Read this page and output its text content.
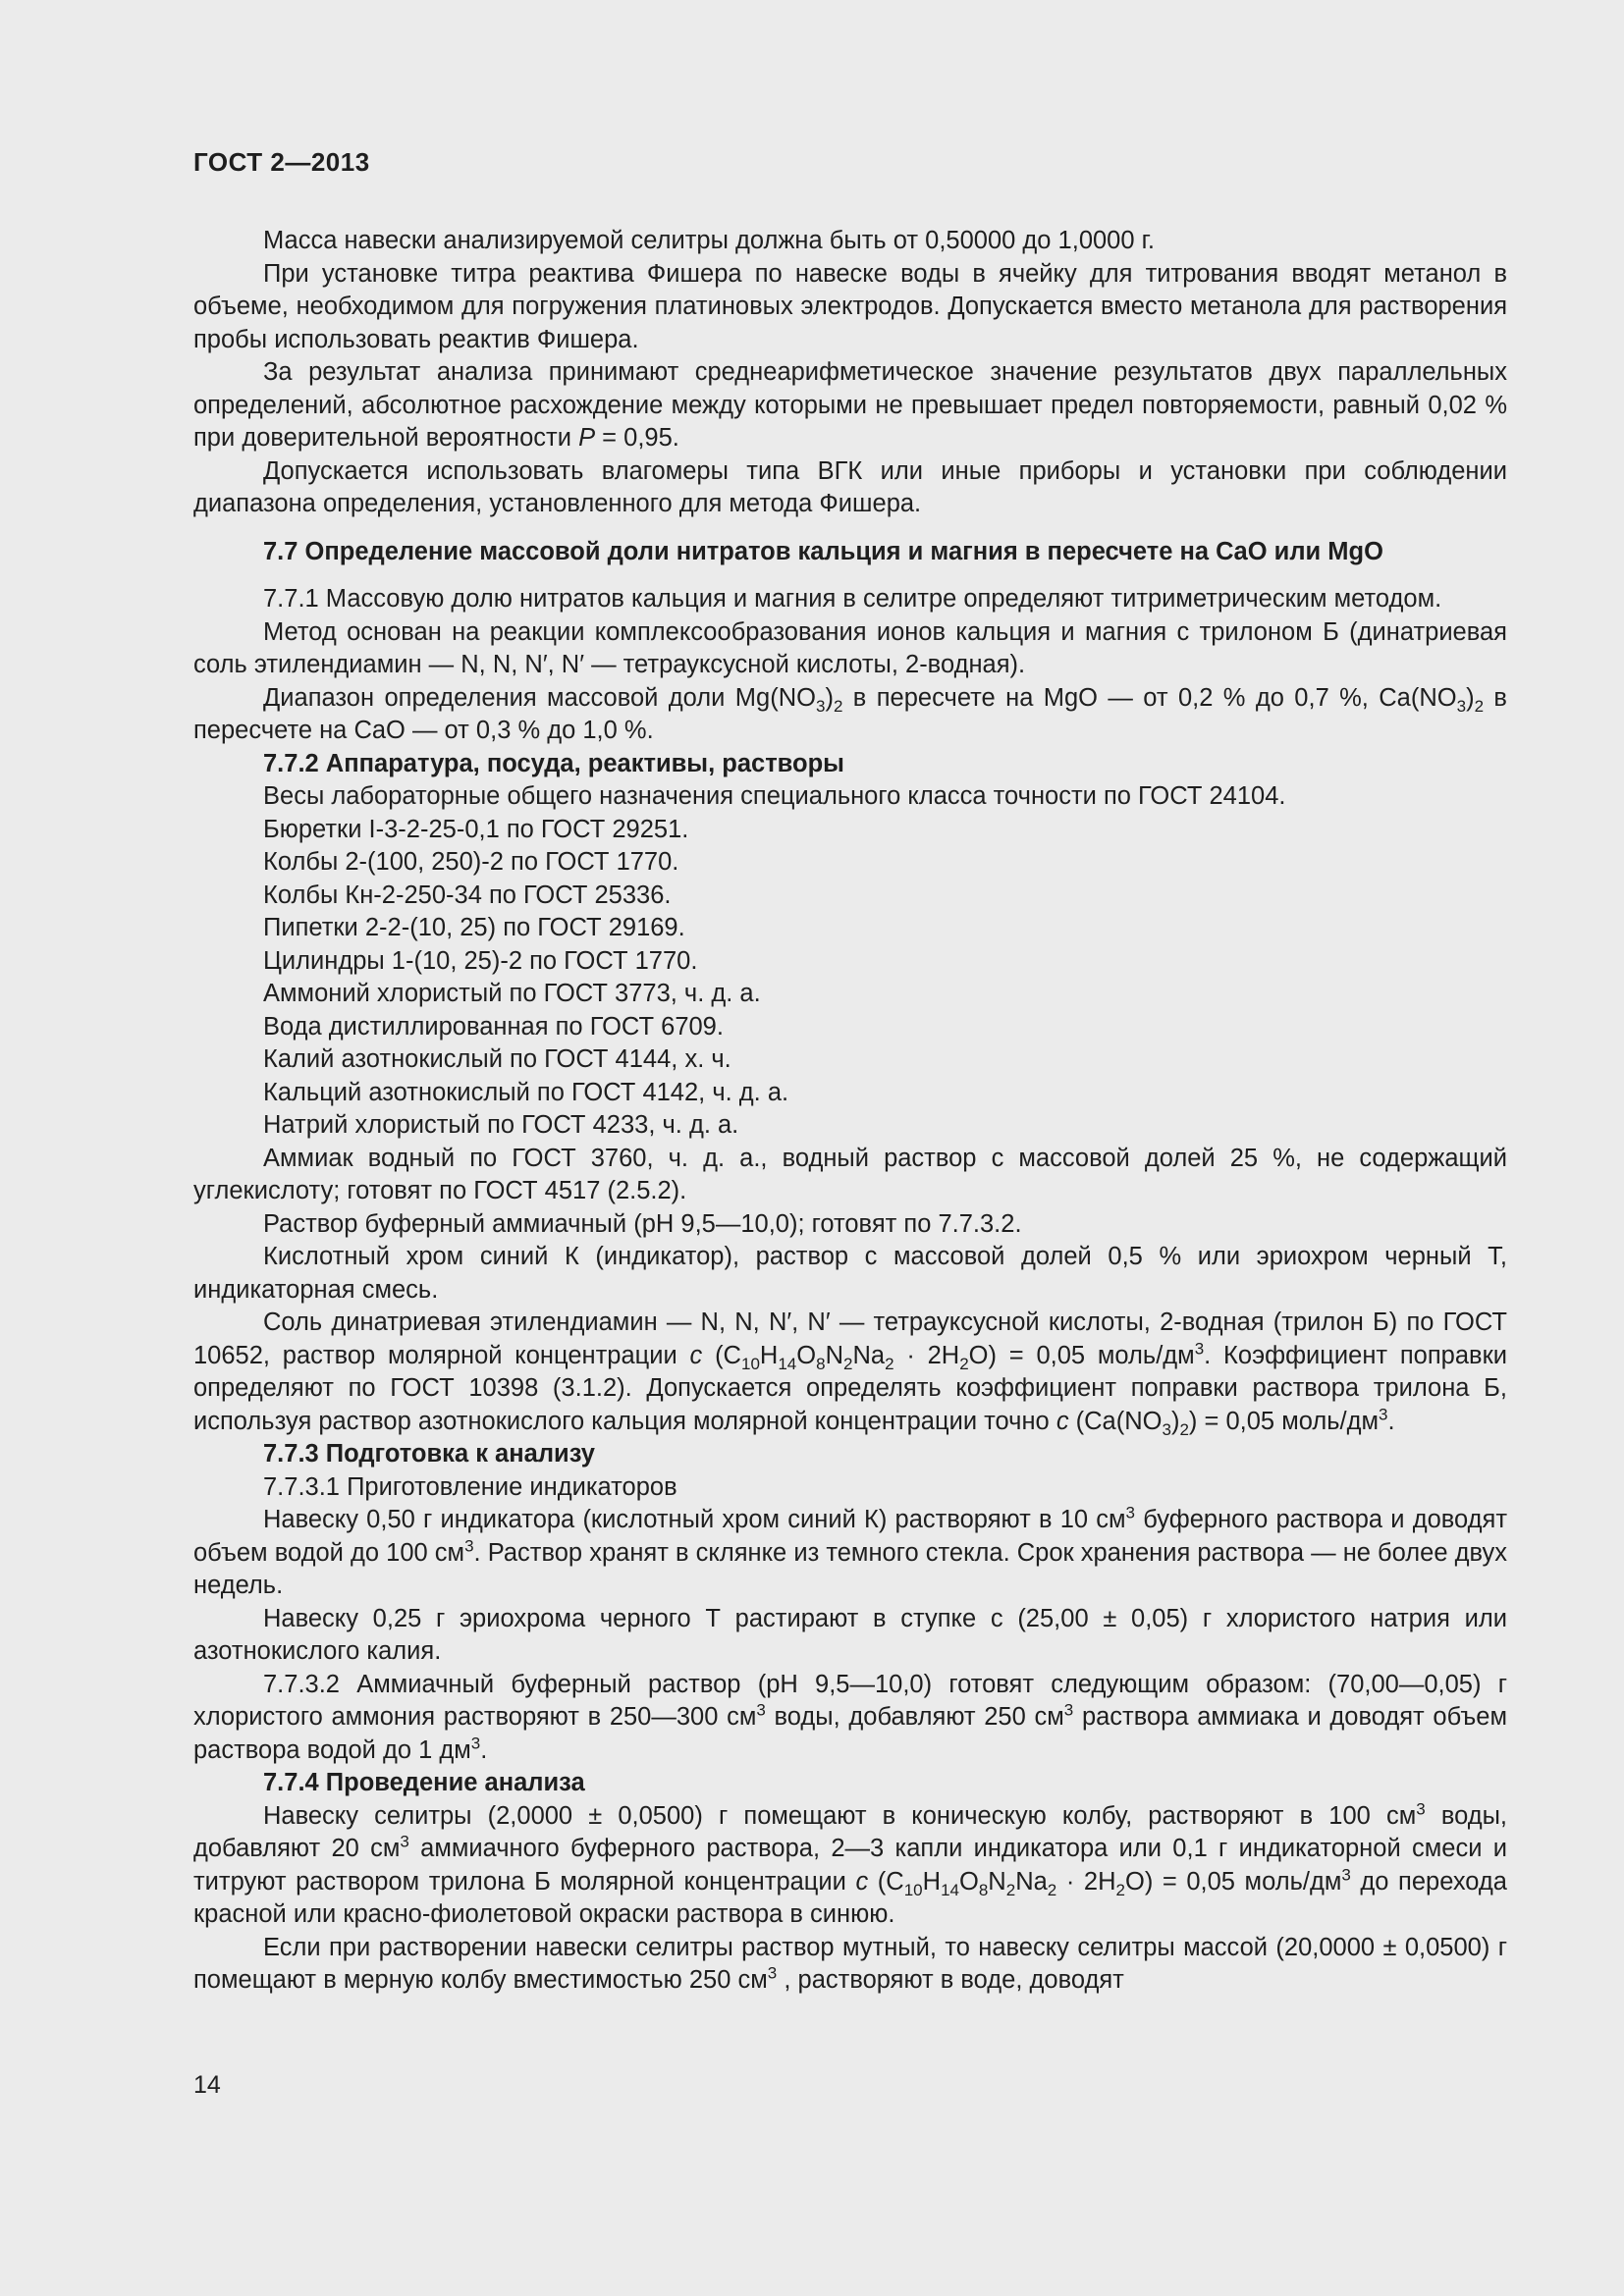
ГОСТ 2—2013

Масса навески анализируемой селитры должна быть от 0,50000 до 1,0000 г.

При установке титра реактива Фишера по навеске воды в ячейку для титрования вводят метанол в объеме, необходимом для погружения платиновых электродов. Допускается вместо метанола для растворения пробы использовать реактив Фишера.

За результат анализа принимают среднеарифметическое значение результатов двух параллельных определений, абсолютное расхождение между которыми не превышает предел повторяемости, равный 0,02 % при доверительной вероятности P = 0,95.

Допускается использовать влагомеры типа ВГК или иные приборы и установки при соблюдении диапазона определения, установленного для метода Фишера.

7.7 Определение массовой доли нитратов кальция и магния в пересчете на CaO или MgO

7.7.1 Массовую долю нитратов кальция и магния в селитре определяют титриметрическим методом.

Метод основан на реакции комплексообразования ионов кальция и магния с трилоном Б (динатриевая соль этилендиамин — N, N, N′, N′ — тетрауксусной кислоты, 2-водная).

Диапазон определения массовой доли $Mg(NO_3)_2$ в пересчете на MgO — от 0,2 % до 0,7 %, $Ca(NO_3)_2$ в пересчете на CaO — от 0,3 % до 1,0 %.

7.7.2 Аппаратура, посуда, реактивы, растворы

Весы лабораторные общего назначения специального класса точности по ГОСТ 24104.

Бюретки I-3-2-25-0,1 по ГОСТ 29251.

Колбы 2-(100, 250)-2 по ГОСТ 1770.

Колбы Кн-2-250-34 по ГОСТ 25336.

Пипетки 2-2-(10, 25) по ГОСТ 29169.

Цилиндры 1-(10, 25)-2 по ГОСТ 1770.

Аммоний хлористый по ГОСТ 3773, ч. д. а.

Вода дистиллированная по ГОСТ 6709.

Калий азотнокислый по ГОСТ 4144, х. ч.

Кальций азотнокислый по ГОСТ 4142, ч. д. а.

Натрий хлористый по ГОСТ 4233, ч. д. а.

Аммиак водный по ГОСТ 3760, ч. д. а., водный раствор с массовой долей 25 %, не содержащий углекислоту; готовят по ГОСТ 4517 (2.5.2).

Раствор буферный аммиачный (pH 9,5—10,0); готовят по 7.7.3.2.

Кислотный хром синий К (индикатор), раствор с массовой долей 0,5 % или эриохром черный Т, индикаторная смесь.

Соль динатриевая этилендиамин — N, N, N′, N′ — тетрауксусной кислоты, 2-водная (трилон Б) по ГОСТ 10652, раствор молярной концентрации c $(C_{10}H_{14}O_8N_2Na_2 \cdot 2H_2O) = 0,05$ моль/$дм^3$. Коэффициент поправки определяют по ГОСТ 10398 (3.1.2). Допускается определять коэффициент поправки раствора трилона Б, используя раствор азотнокислого кальция молярной концентрации точно c $(Ca(NO_3)_2) = 0,05$ моль/$дм^3$.

7.7.3 Подготовка к анализу

7.7.3.1 Приготовление индикаторов

Навеску 0,50 г индикатора (кислотный хром синий К) растворяют в 10 $см^3$ буферного раствора и доводят объем водой до 100 $см^3$. Раствор хранят в склянке из темного стекла. Срок хранения раствора — не более двух недель.

Навеску 0,25 г эриохрома черного Т растирают в ступке с (25,00 ± 0,05) г хлористого натрия или азотнокислого калия.

7.7.3.2 Аммиачный буферный раствор (pH 9,5—10,0) готовят следующим образом: (70,00—0,05) г хлористого аммония растворяют в 250—300 $см^3$ воды, добавляют 250 $см^3$ раствора аммиака и доводят объем раствора водой до 1 $дм^3$.

7.7.4 Проведение анализа

Навеску селитры (2,0000 ± 0,0500) г помещают в коническую колбу, растворяют в 100 $см^3$ воды, добавляют 20 $см^3$ аммиачного буферного раствора, 2—3 капли индикатора или 0,1 г индикаторной смеси и титруют раствором трилона Б молярной концентрации c $(C_{10}H_{14}O_8N_2Na_2 \cdot 2H_2O) = 0,05$ моль/$дм^3$ до перехода красной или красно-фиолетовой окраски раствора в синюю.

Если при растворении навески селитры раствор мутный, то навеску селитры массой (20,0000 ± 0,0500) г помещают в мерную колбу вместимостью 250 $см^3$ , растворяют в воде, доводят

14
